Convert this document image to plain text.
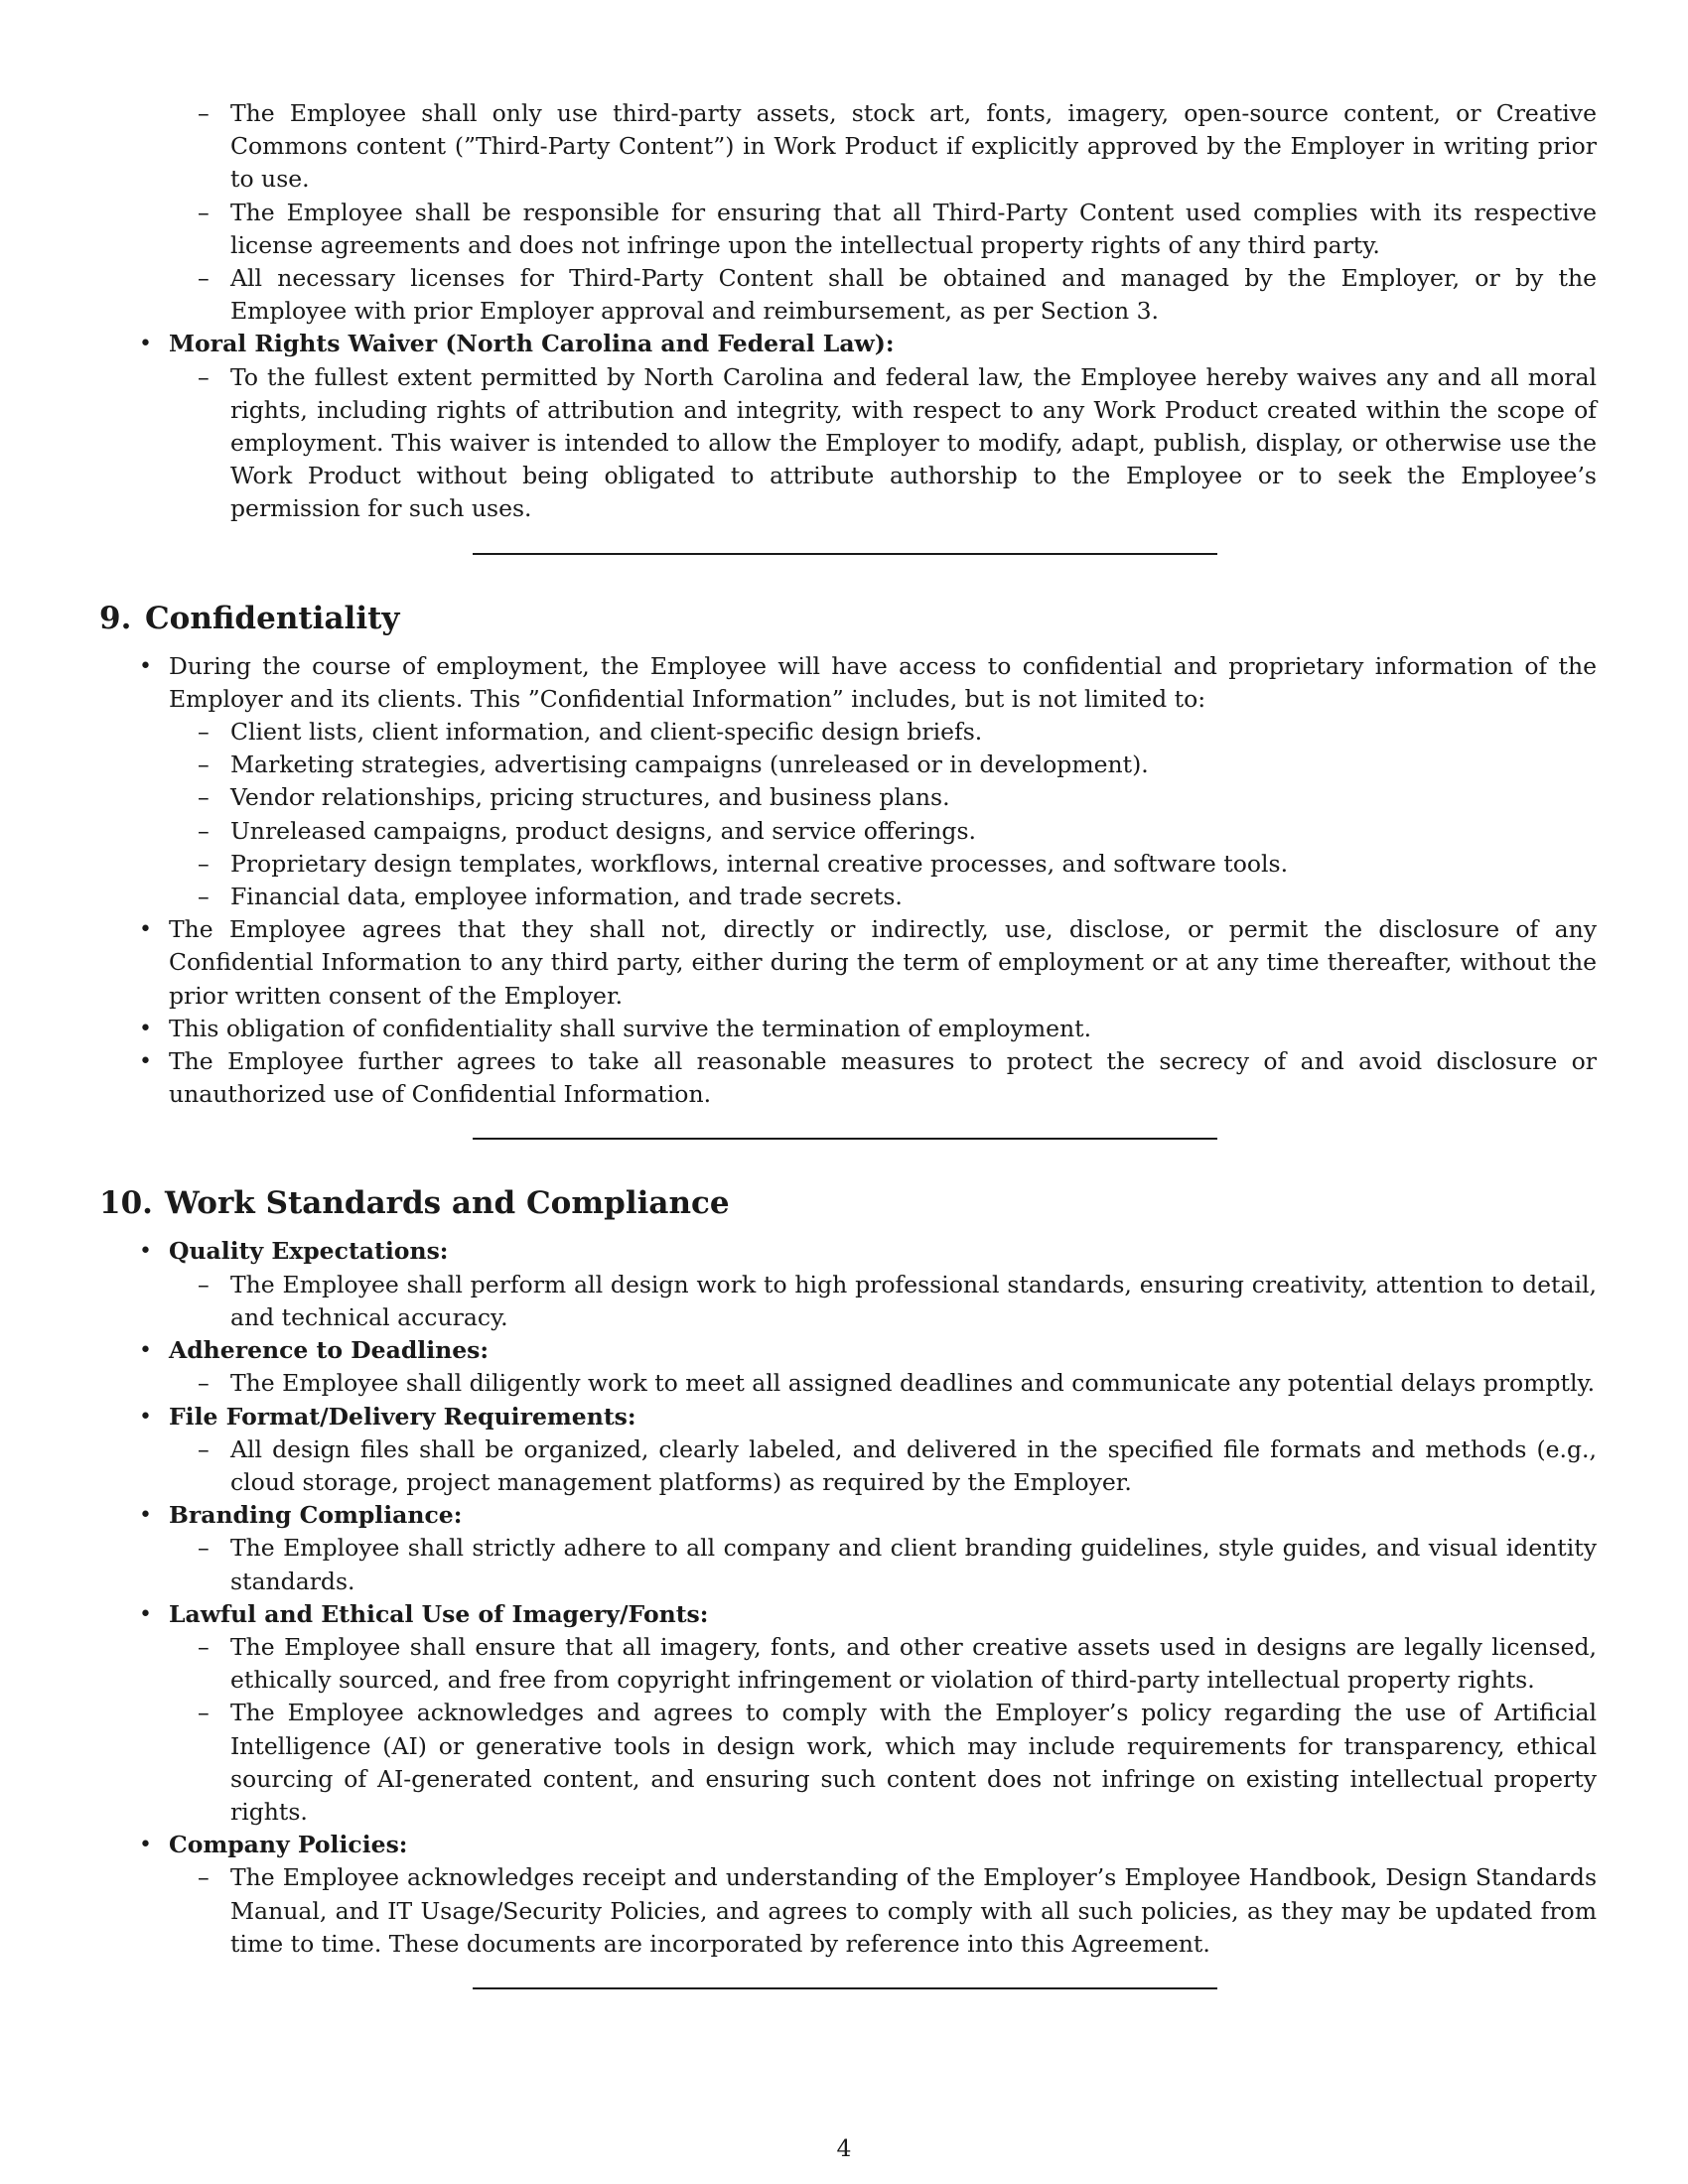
– The Employee shall only use third-party assets, stock art, fonts, imagery, open-source content, or Creative Commons content (”Third-Party Content”) in Work Product if explicitly approved by the Employer in writing prior to use.
– The Employee shall be responsible for ensuring that all Third-Party Content used complies with its respective license agreements and does not infringe upon the intellectual property rights of any third party.
– All necessary licenses for Third-Party Content shall be obtained and managed by the Employer, or by the Employee with prior Employer approval and reimbursement, as per Section 3.
• Moral Rights Waiver (North Carolina and Federal Law):
– To the fullest extent permitted by North Carolina and federal law, the Employee hereby waives any and all moral rights, including rights of attribution and integrity, with respect to any Work Product created within the scope of employment. This waiver is intended to allow the Employer to modify, adapt, publish, display, or otherwise use the Work Product without being obligated to attribute authorship to the Employee or to seek the Employee’s permission for such uses.
9. Confidentiality
• During the course of employment, the Employee will have access to confidential and proprietary information of the Employer and its clients. This ”Confidential Information” includes, but is not limited to:
– Client lists, client information, and client-specific design briefs.
– Marketing strategies, advertising campaigns (unreleased or in development).
– Vendor relationships, pricing structures, and business plans.
– Unreleased campaigns, product designs, and service offerings.
– Proprietary design templates, workflows, internal creative processes, and software tools.
– Financial data, employee information, and trade secrets.
• The Employee agrees that they shall not, directly or indirectly, use, disclose, or permit the disclosure of any Confidential Information to any third party, either during the term of employment or at any time thereafter, without the prior written consent of the Employer.
• This obligation of confidentiality shall survive the termination of employment.
• The Employee further agrees to take all reasonable measures to protect the secrecy of and avoid disclosure or unauthorized use of Confidential Information.
10. Work Standards and Compliance
• Quality Expectations:
– The Employee shall perform all design work to high professional standards, ensuring creativity, attention to detail, and technical accuracy.
• Adherence to Deadlines:
– The Employee shall diligently work to meet all assigned deadlines and communicate any potential delays promptly.
• File Format/Delivery Requirements:
– All design files shall be organized, clearly labeled, and delivered in the specified file formats and methods (e.g., cloud storage, project management platforms) as required by the Employer.
• Branding Compliance:
– The Employee shall strictly adhere to all company and client branding guidelines, style guides, and visual identity standards.
• Lawful and Ethical Use of Imagery/Fonts:
– The Employee shall ensure that all imagery, fonts, and other creative assets used in designs are legally licensed, ethically sourced, and free from copyright infringement or violation of third-party intellectual property rights.
– The Employee acknowledges and agrees to comply with the Employer’s policy regarding the use of Artificial Intelligence (AI) or generative tools in design work, which may include requirements for transparency, ethical sourcing of AI-generated content, and ensuring such content does not infringe on existing intellectual property rights.
• Company Policies:
– The Employee acknowledges receipt and understanding of the Employer’s Employee Handbook, Design Standards Manual, and IT Usage/Security Policies, and agrees to comply with all such policies, as they may be updated from time to time. These documents are incorporated by reference into this Agreement.
4
